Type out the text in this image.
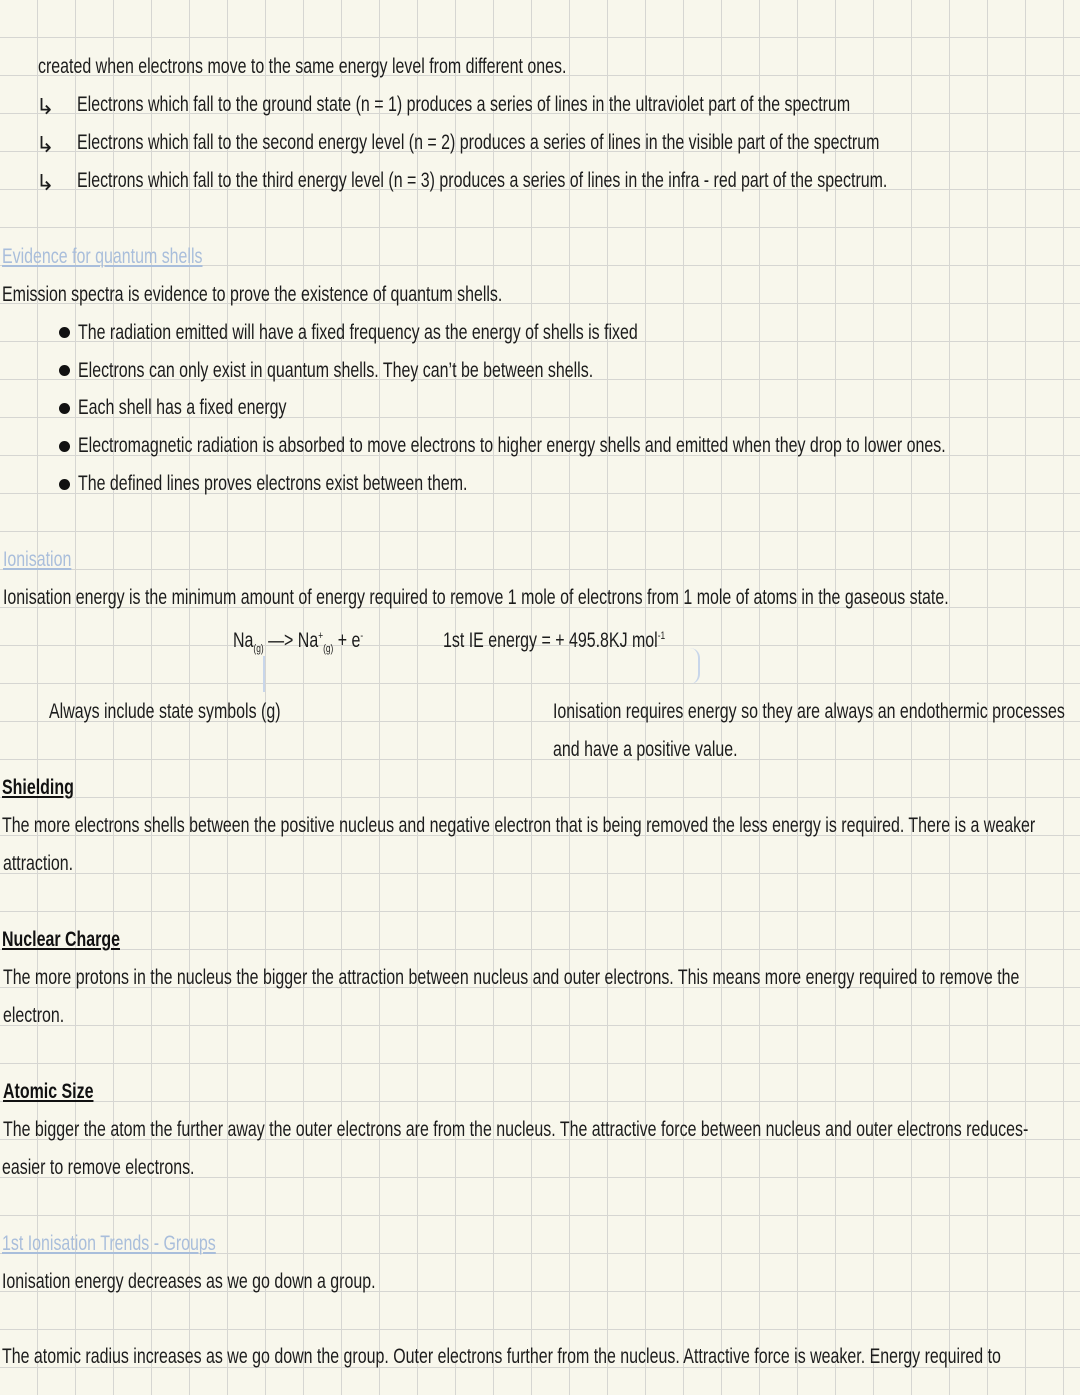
created when electrons move to the same energy level from different ones.
↳ Electrons which fall to the ground state (n = 1) produces a series of lines in the ultraviolet part of the spectrum
↳ Electrons which fall to the second energy level (n = 2) produces a series of lines in the visible part of the spectrum
↳ Electrons which fall to the third energy level (n = 3) produces a series of lines in the infra - red part of the spectrum.
Evidence for quantum shells
Emission spectra is evidence to prove the existence of quantum shells.
The radiation emitted will have a fixed frequency as the energy of shells is fixed
Electrons can only exist in quantum shells. They can’t be between shells.
Each shell has a fixed energy
Electromagnetic radiation is absorbed to move electrons to higher energy shells and emitted when they drop to lower ones.
The defined lines proves electrons exist between them.
Ionisation
Ionisation energy is the minimum amount of energy required to remove 1 mole of electrons from 1 mole of atoms in the gaseous state.
$Na_{(g)}$ —> $Na^+_{(g)} + e^-$	1st IE energy = + 495.8KJ mol$^{-1}$
Always include state symbols (g)	Ionisation requires energy so they are always an endothermic processes
and have a positive value.
Shielding
The more electrons shells between the positive nucleus and negative electron that is being removed the less energy is required. There is a weaker
attraction.
Nuclear Charge
The more protons in the nucleus the bigger the attraction between nucleus and outer electrons. This means more energy required to remove the
electron.
Atomic Size
The bigger the atom the further away the outer electrons are from the nucleus. The attractive force between nucleus and outer electrons reduces-
easier to remove electrons.
1st Ionisation Trends - Groups
Ionisation energy decreases as we go down a group.
The atomic radius increases as we go down the group. Outer electrons further from the nucleus. Attractive force is weaker. Energy required to
